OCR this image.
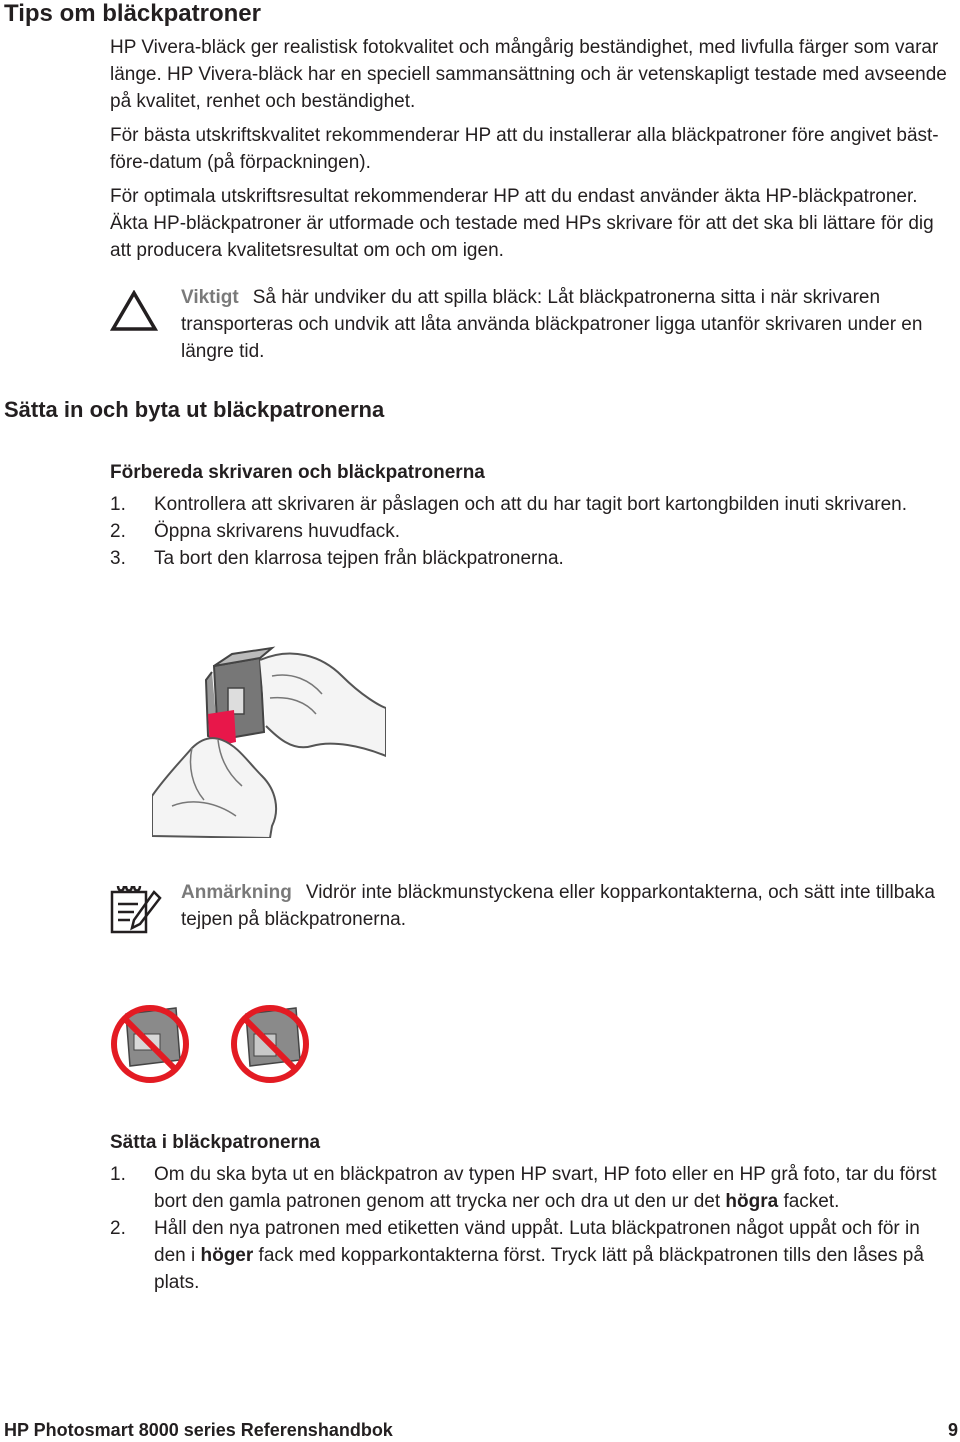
Tips om bläckpatroner

HP Vivera-bläck ger realistisk fotokvalitet och mångårig beständighet, med livfulla färger som varar länge. HP Vivera-bläck har en speciell sammansättning och är vetenskapligt testade med avseende på kvalitet, renhet och beständighet.

För bästa utskriftskvalitet rekommenderar HP att du installerar alla bläckpatroner före angivet bäst-före-datum (på förpackningen).

För optimala utskriftsresultat rekommenderar HP att du endast använder äkta HP-bläckpatroner. Äkta HP-bläckpatroner är utformade och testade med HPs skrivare för att det ska bli lättare för dig att producera kvalitetsresultat om och om igen.

Viktigt Så här undviker du att spilla bläck: Låt bläckpatronerna sitta i när skrivaren transporteras och undvik att låta använda bläckpatroner ligga utanför skrivaren under en längre tid.
Sätta in och byta ut bläckpatronerna
Förbereda skrivaren och bläckpatronerna
1. Kontrollera att skrivaren är påslagen och att du har tagit bort kartongbilden inuti skrivaren.
2. Öppna skrivarens huvudfack.
3. Ta bort den klarrosa tejpen från bläckpatronerna.
Anmärkning Vidrör inte bläckmunstyckena eller kopparkontakterna, och sätt inte tillbaka tejpen på bläckpatronerna.
Sätta i bläckpatronerna
1. Om du ska byta ut en bläckpatron av typen HP svart, HP foto eller en HP grå foto, tar du först bort den gamla patronen genom att trycka ner och dra ut den ur det högra facket.
2. Håll den nya patronen med etiketten vänd uppåt. Luta bläckpatronen något uppåt och för in den i höger fack med kopparkontakterna först. Tryck lätt på bläckpatronen tills den låses på plats.
HP Photosmart 8000 series Referenshandbok	9
